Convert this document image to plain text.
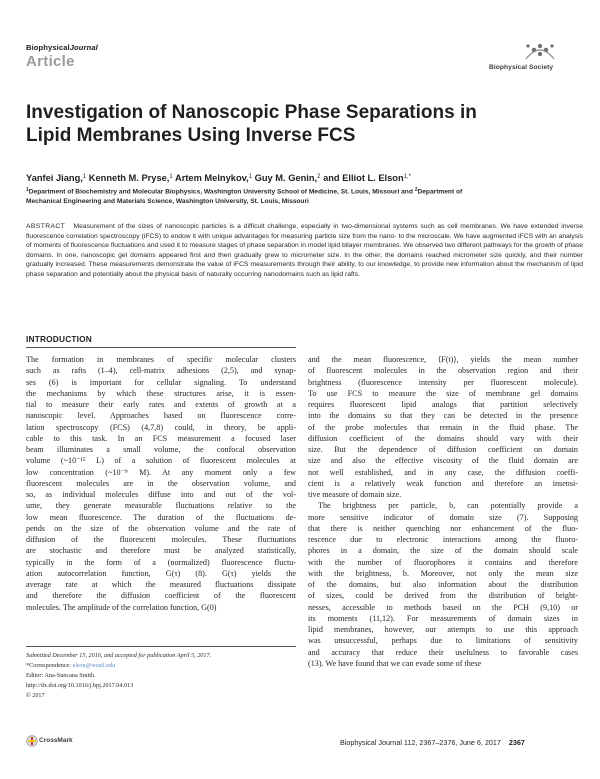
BiophysicalJournal
Article	Biophysical Society
Investigation of Nanoscopic Phase Separations in
Lipid Membranes Using Inverse FCS
Yanfei Jiang,$^1$ Kenneth M. Pryse,$^1$ Artem Melnykov,$^1$ Guy M. Genin,$^2$ and Elliot L. Elson$^{1,*}$
$^1$Department of Biochemistry and Molecular Biophysics, Washington University School of Medicine, St. Louis, Missouri and $^2$Department of
Mechanical Engineering and Materials Science, Washington University, St. Louis, Missouri
ABSTRACT Measurement of the sizes of nanoscopic particles is a difficult challenge, especially in two-dimensional systems such as cell membranes. We have extended inverse fluorescence correlation spectroscopy (iFCS) to endow it with unique advantages for measuring particle size from the nano- to the microscale. We have augmented iFCS with an analysis of moments of fluorescence fluctuations and used it to measure stages of phase separation in model lipid bilayer membranes. We observed two different pathways for the growth of phase domains. In one, nanoscopic gel domains appeared first and then gradually grew to micrometer size. In the other, the domains reached micrometer size quickly, and their number gradually increased. These measurements demonstrate the value of iFCS measurements through their ability, to our knowledge, to provide new information about the mechanism of lipid phase separation and potentially about the physical basis of naturally occurring nanodomains such as lipid rafts.
INTRODUCTION
The formation in membranes of specific molecular clusters
such as rafts (1–4), cell-matrix adhesions (2,5), and synap-
ses (6) is important for cellular signaling. To understand
the mechanisms by which these structures arise, it is essen-
tial to measure their early rates and extents of growth at a
nanoscopic level. Approaches based on fluorescence corre-
lation spectroscopy (FCS) (4,7,8) could, in theory, be appli-
cable to this task. In an FCS measurement a focused laser
beam illuminates a small volume, the confocal observation
volume (~10⁻¹⁵ L) of a solution of fluorescent molecules at
low concentration (~10⁻⁹ M). At any moment only a few
fluorescent molecules are in the observation volume, and
so, as individual molecules diffuse into and out of the vol-
ume, they generate measurable fluctuations relative to the
low mean fluorescence. The duration of the fluctuations de-
pends on the size of the observation volume and the rate of
diffusion of the fluorescent molecules. These fluctuations
are stochastic and therefore must be analyzed statistically,
typically in the form of a (normalized) fluorescence fluctu-
ation autocorrelation function, G(τ) (8). G(τ) yields the
average rate at which the measured fluctuations dissipate
and therefore the diffusion coefficient of the fluorescent
molecules. The amplitude of the correlation function, G(0)
and the mean fluorescence, ⟨F(t)⟩, yields the mean number
of fluorescent molecules in the observation region and their
brightness (fluorescence intensity per fluorescent molecule).
To use FCS to measure the size of membrane gel domains
requires fluorescent lipid analogs that partition selectively
into the domains so that they can be detected in the presence
of the probe molecules that remain in the fluid phase. The
diffusion coefficient of the domains should vary with their
size. But the dependence of diffusion coefficient on domain
size and also the effective viscosity of the fluid domain are
not well established, and in any case, the diffusion coeffi-
cient is a relatively weak function and therefore an insensi-
tive measure of domain size.
The brightness per particle, b, can potentially provide a
more sensitive indicator of domain size (7). Supposing
that there is neither quenching nor enhancement of the fluo-
rescence due to electronic interactions among the fluoro-
phores in a domain, the size of the domain should scale
with the number of fluorophores it contains and therefore
with the brightness, b. Moreover, not only the mean size
of the domains, but also information about the distribution
of sizes, could be derived from the distribution of bright-
nesses, accessible to methods based on the PCH (9,10) or
its moments (11,12). For measurements of domain sizes in
lipid membranes, however, our attempts to use this approach
was unsuccessful, perhaps due to limitations of sensitivity
and accuracy that reduce their usefulness to favorable cases
(13). We have found that we can evade some of these
Submitted December 15, 2016, and accepted for publication April 5, 2017.
*Correspondence: elson@wustl.edu
Editor: Ana-Suncana Smith.
http://dx.doi.org/10.1016/j.bpj.2017.04.013
© 2017
CrossMark	Biophysical Journal 112, 2367–2376, June 6, 2017 2367
